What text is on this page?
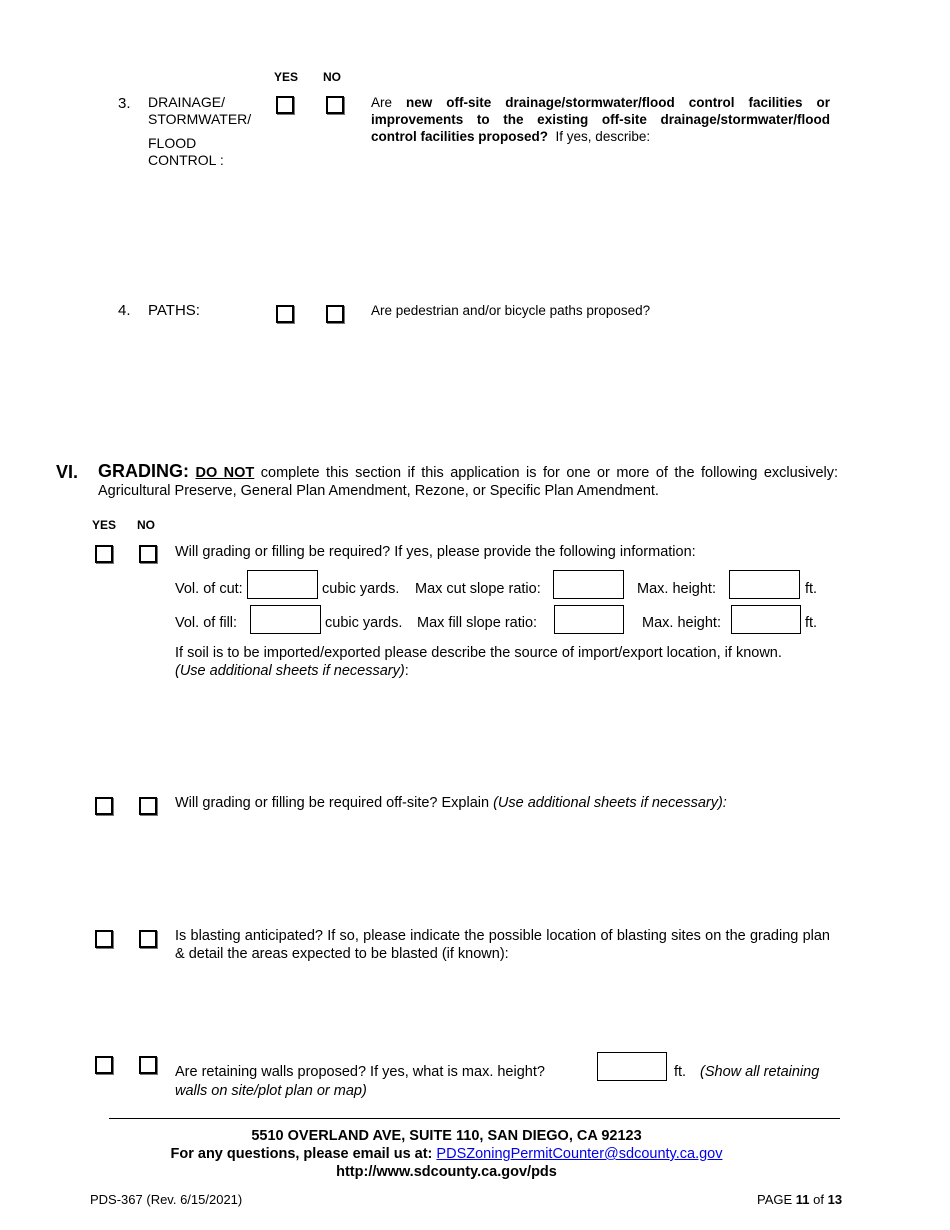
YES NO
3. DRAINAGE/
STORMWATER/
FLOOD
CONTROL :
Are new off-site drainage/stormwater/flood control facilities or improvements to the existing off-site drainage/stormwater/flood control facilities proposed? If yes, describe:
4. PATHS:	Are pedestrian and/or bicycle paths proposed?
VI. GRADING: DO NOT complete this section if this application is for one or more of the following exclusively: Agricultural Preserve, General Plan Amendment, Rezone, or Specific Plan Amendment.
YES NO
Will grading or filling be required? If yes, please provide the following information:
Vol. of cut:	cubic yards. Max cut slope ratio:	Max. height:	ft.
Vol. of fill:	cubic yards. Max fill slope ratio:	Max. height:	ft.
If soil is to be imported/exported please describe the source of import/export location, if known.
(Use additional sheets if necessary):
Will grading or filling be required off-site? Explain (Use additional sheets if necessary):
Is blasting anticipated? If so, please indicate the possible location of blasting sites on the grading plan & detail the areas expected to be blasted (if known):
Are retaining walls proposed? If yes, what is max. height?	ft. (Show all retaining
walls on site/plot plan or map)
5510 OVERLAND AVE, SUITE 110, SAN DIEGO, CA 92123
For any questions, please email us at: PDSZoningPermitCounter@sdcounty.ca.gov
http://www.sdcounty.ca.gov/pds
PDS-367 (Rev. 6/15/2021)	PAGE 11 of 13
